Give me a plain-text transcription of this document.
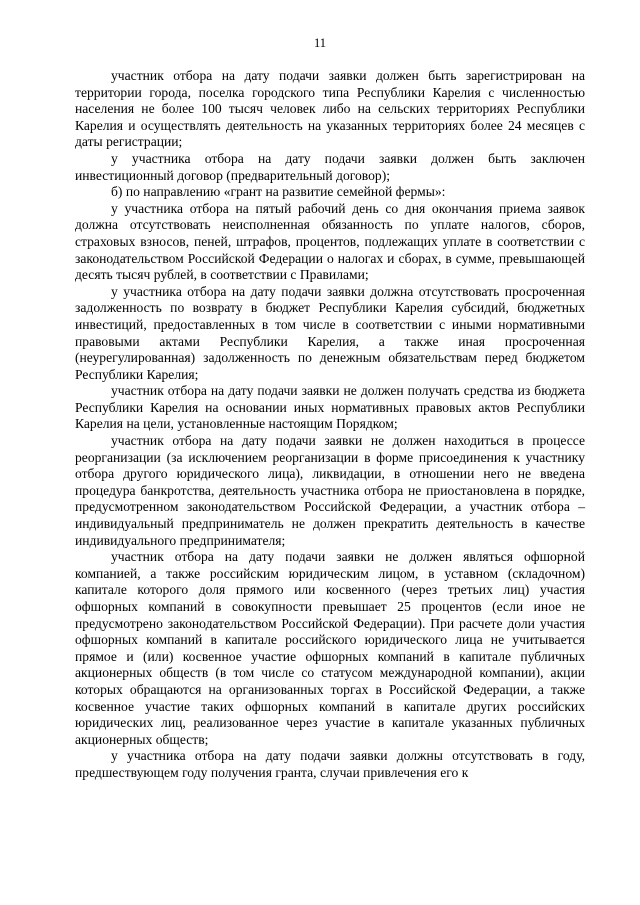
11

участник отбора на дату подачи заявки должен быть зарегистрирован на территории города, поселка городского типа Республики Карелия с численностью населения не более 100 тысяч человек либо на сельских территориях Республики Карелия и осуществлять деятельность на указанных территориях более 24 месяцев с даты регистрации;

у участника отбора на дату подачи заявки должен быть заключен инвестиционный договор (предварительный договор);

б) по направлению «грант на развитие семейной фермы»:

у участника отбора на пятый рабочий день со дня окончания приема заявок должна отсутствовать неисполненная обязанность по уплате налогов, сборов, страховых взносов, пеней, штрафов, процентов, подлежащих уплате в соответствии с законодательством Российской Федерации о налогах и сборах, в сумме, превышающей десять тысяч рублей, в соответствии с Правилами;

у участника отбора на дату подачи заявки должна отсутствовать просроченная задолженность по возврату в бюджет Республики Карелия субсидий, бюджетных инвестиций, предоставленных в том числе в соответствии с иными нормативными правовыми актами Республики Карелия, а также иная просроченная (неурегулированная) задолженность по денежным обязательствам перед бюджетом Республики Карелия;

участник отбора на дату подачи заявки не должен получать средства из бюджета Республики Карелия на основании иных нормативных правовых актов Республики Карелия на цели, установленные настоящим Порядком;

участник отбора на дату подачи заявки не должен находиться в процессе реорганизации (за исключением реорганизации в форме присоединения к участнику отбора другого юридического лица), ликвидации, в отношении него не введена процедура банкротства, деятельность участника отбора не приостановлена в порядке, предусмотренном законодательством Российской Федерации, а участник отбора – индивидуальный предприниматель не должен прекратить деятельность в качестве индивидуального предпринимателя;

участник отбора на дату подачи заявки не должен являться офшорной компанией, а также российским юридическим лицом, в уставном (складочном) капитале которого доля прямого или косвенного (через третьих лиц) участия офшорных компаний в совокупности превышает 25 процентов (если иное не предусмотрено законодательством Российской Федерации). При расчете доли участия офшорных компаний в капитале российского юридического лица не учитывается прямое и (или) косвенное участие офшорных компаний в капитале публичных акционерных обществ (в том числе со статусом международной компании), акции которых обращаются на организованных торгах в Российской Федерации, а также косвенное участие таких офшорных компаний в капитале других российских юридических лиц, реализованное через участие в капитале указанных публичных акционерных обществ;

у участника отбора на дату подачи заявки должны отсутствовать в году, предшествующем году получения гранта, случаи привлечения его к
